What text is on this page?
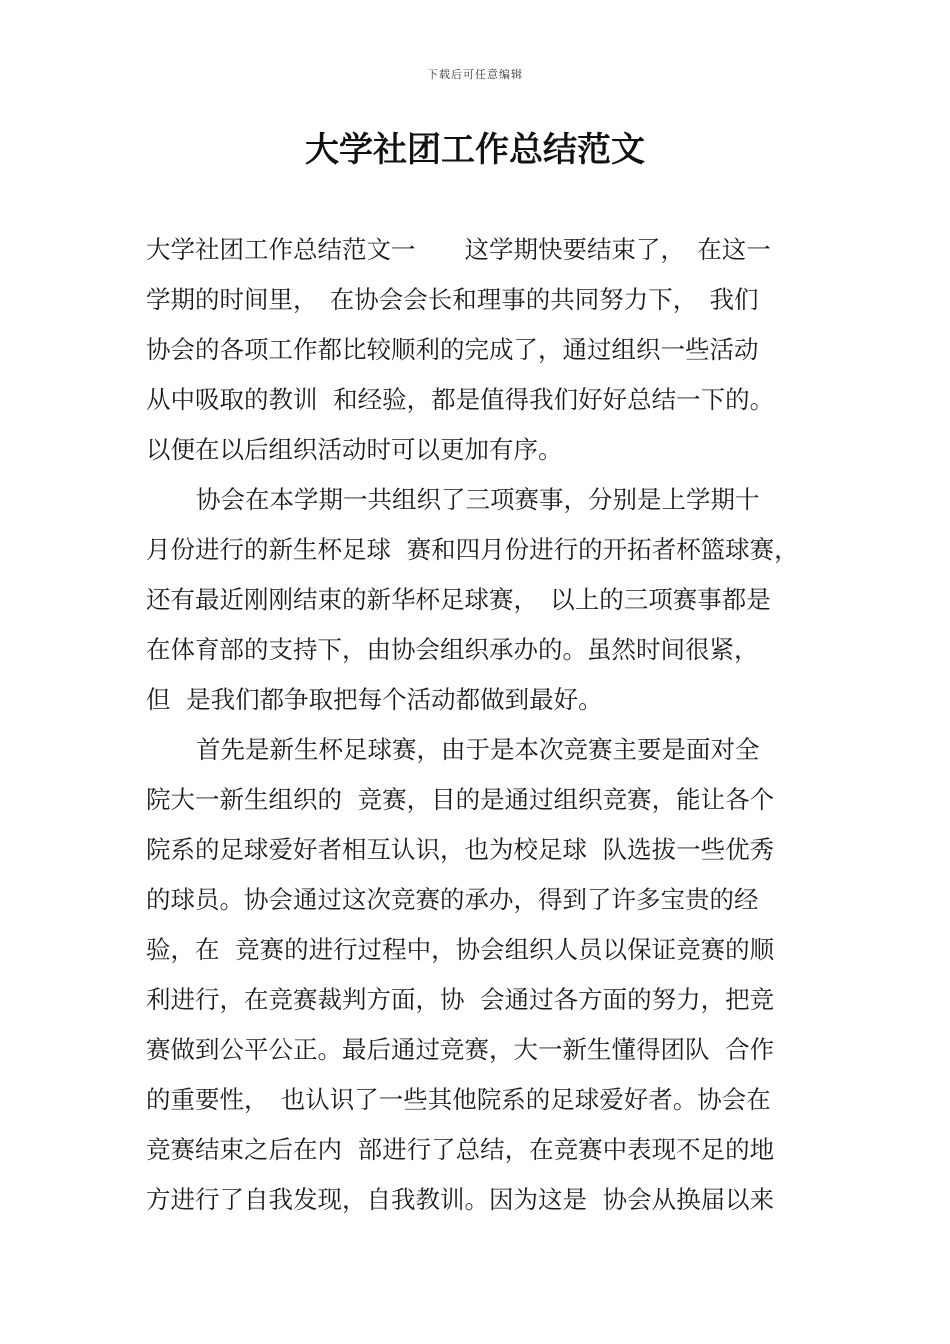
下载后可任意编辑
大学社团工作总结范文
大学社团工作总结范文一　　这学期快要结束了，　在这一
学期的时间里，　在协会会长和理事的共同努力下，　我们
协会的各项工作都比较顺利的完成了，通过组织一些活动
从中吸取的教训  和经验，都是值得我们好好总结一下的。
以便在以后组织活动时可以更加有序。
协会在本学期一共组织了三项赛事，分别是上学期十
月份进行的新生杯足球  赛和四月份进行的开拓者杯篮球赛，
还有最近刚刚结束的新华杯足球赛，　以上的三项赛事都是
在体育部的支持下，由协会组织承办的。虽然时间很紧，
但  是我们都争取把每个活动都做到最好。
首先是新生杯足球赛，由于是本次竞赛主要是面对全
院大一新生组织的  竞赛，目的是通过组织竞赛，能让各个
院系的足球爱好者相互认识，也为校足球  队选拔一些优秀
的球员。协会通过这次竞赛的承办，得到了许多宝贵的经
验，在  竞赛的进行过程中，协会组织人员以保证竞赛的顺
利进行，在竞赛裁判方面，协  会通过各方面的努力，把竞
赛做到公平公正。最后通过竞赛，大一新生懂得团队  合作
的重要性，　也认识了一些其他院系的足球爱好者。协会在
竞赛结束之后在内  部进行了总结，在竞赛中表现不足的地
方进行了自我发现，自我教训。因为这是  协会从换届以来
